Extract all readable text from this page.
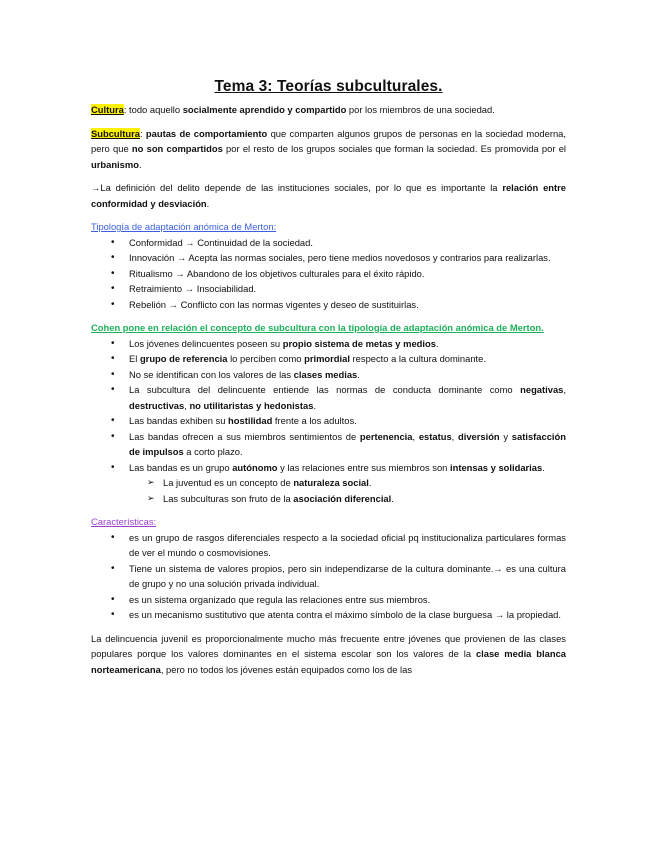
Tema 3: Teorías subculturales.

Cultura: todo aquello socialmente aprendido y compartido por los miembros de una sociedad.

Subcultura: pautas de comportamiento que comparten algunos grupos de personas en la sociedad moderna, pero que no son compartidos por el resto de los grupos sociales que forman la sociedad. Es promovida por el urbanismo.

→La definición del delito depende de las instituciones sociales, por lo que es importante la relación entre conformidad y desviación.

Tipología de adaptación anómica de Merton:

• Conformidad → Continuidad de la sociedad.
• Innovación → Acepta las normas sociales, pero tiene medios novedosos y contrarios para realizarlas.
• Ritualismo → Abandono de los objetivos culturales para el éxito rápido.
• Retraimiento → Insociabilidad.
• Rebelión → Conflicto con las normas vigentes y deseo de sustituirlas.

Cohen pone en relación el concepto de subcultura con la tipología de adaptación anómica de Merton.

• Los jóvenes delincuentes poseen su propio sistema de metas y medios.
• El grupo de referencia lo perciben como primordial respecto a la cultura dominante.
• No se identifican con los valores de las clases medias.
• La subcultura del delincuente entiende las normas de conducta dominante como negativas, destructivas, no utilitaristas y hedonistas.
• Las bandas exhiben su hostilidad frente a los adultos.
• Las bandas ofrecen a sus miembros sentimientos de pertenencia, estatus, diversión y satisfacción de impulsos a corto plazo.
• Las bandas es un grupo autónomo y las relaciones entre sus miembros son intensas y solidarias.
➢ La juventud es un concepto de naturaleza social.
➢ Las subculturas son fruto de la asociación diferencial.

Características:

• es un grupo de rasgos diferenciales respecto a la sociedad oficial pq institucionaliza particulares formas de ver el mundo o cosmovisiones.
• Tiene un sistema de valores propios, pero sin independizarse de la cultura dominante.→ es una cultura de grupo y no una solución privada individual.
• es un sistema organizado que regula las relaciones entre sus miembros.
• es un mecanismo sustitutivo que atenta contra el máximo símbolo de la clase burguesa → la propiedad.

La delincuencia juvenil es proporcionalmente mucho más frecuente entre jóvenes que provienen de las clases populares porque los valores dominantes en el sistema escolar son los valores de la clase media blanca norteamericana, pero no todos los jóvenes están equipados como los de las
